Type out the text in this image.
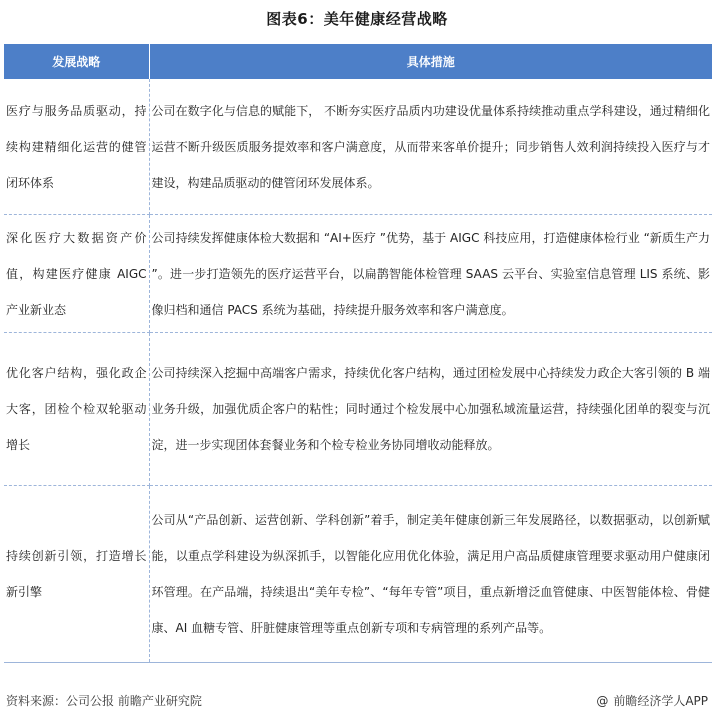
图表6：美年健康经营战略
发展战略	具体措施
医疗与服务品质驱动，持续构建精细化运营的健管闭环体系	公司在数字化与信息的赋能下， 不断夯实医疗品质内功建设优量体系持续推动重点学科建设，通过精细化运营不断升级医质服务提效率和客户满意度，从而带来客单价提升；同步销售人效利润持续投入医疗与才建设，构建品质驱动的健管闭环发展体系。
深化医疗大数据资产价值，构建医疗健康 AIGC产业新业态	公司持续发挥健康体检大数据和 “AI+医疗 ”优势，基于 AIGC 科技应用，打造健康体检行业 “新质生产力 ”。进一步打造领先的医疗运营平台，以扁鹊智能体检管理 SAAS 云平台、实验室信息管理 LIS 系统、影像归档和通信 PACS 系统为基础，持续提升服务效率和客户满意度。
优化客户结构，强化政企大客，团检个检双轮驱动增长	公司持续深入挖掘中高端客户需求，持续优化客户结构，通过团检发展中心持续发力政企大客引领的 B 端业务升级，加强优质企客户的粘性；同时通过个检发展中心加强私域流量运营，持续强化团单的裂变与沉淀，进一步实现团体套餐业务和个检专检业务协同增收动能释放。
持续创新引领，打造增长新引擎	公司从“产品创新、运营创新、学科创新”着手，制定美年健康创新三年发展路径，以数据驱动，以创新赋能，以重点学科建设为纵深抓手，以智能化应用优化体验，满足用户高品质健康管理要求驱动用户健康闭环管理。在产品端，持续退出“美年专检”、“每年专管”项目，重点新增泛血管健康、中医智能体检、骨健康、AI 血糖专管、肝脏健康管理等重点创新专项和专病管理的系列产品等。
资料来源：公司公报 前瞻产业研究院	@ 前瞻经济学人APP
